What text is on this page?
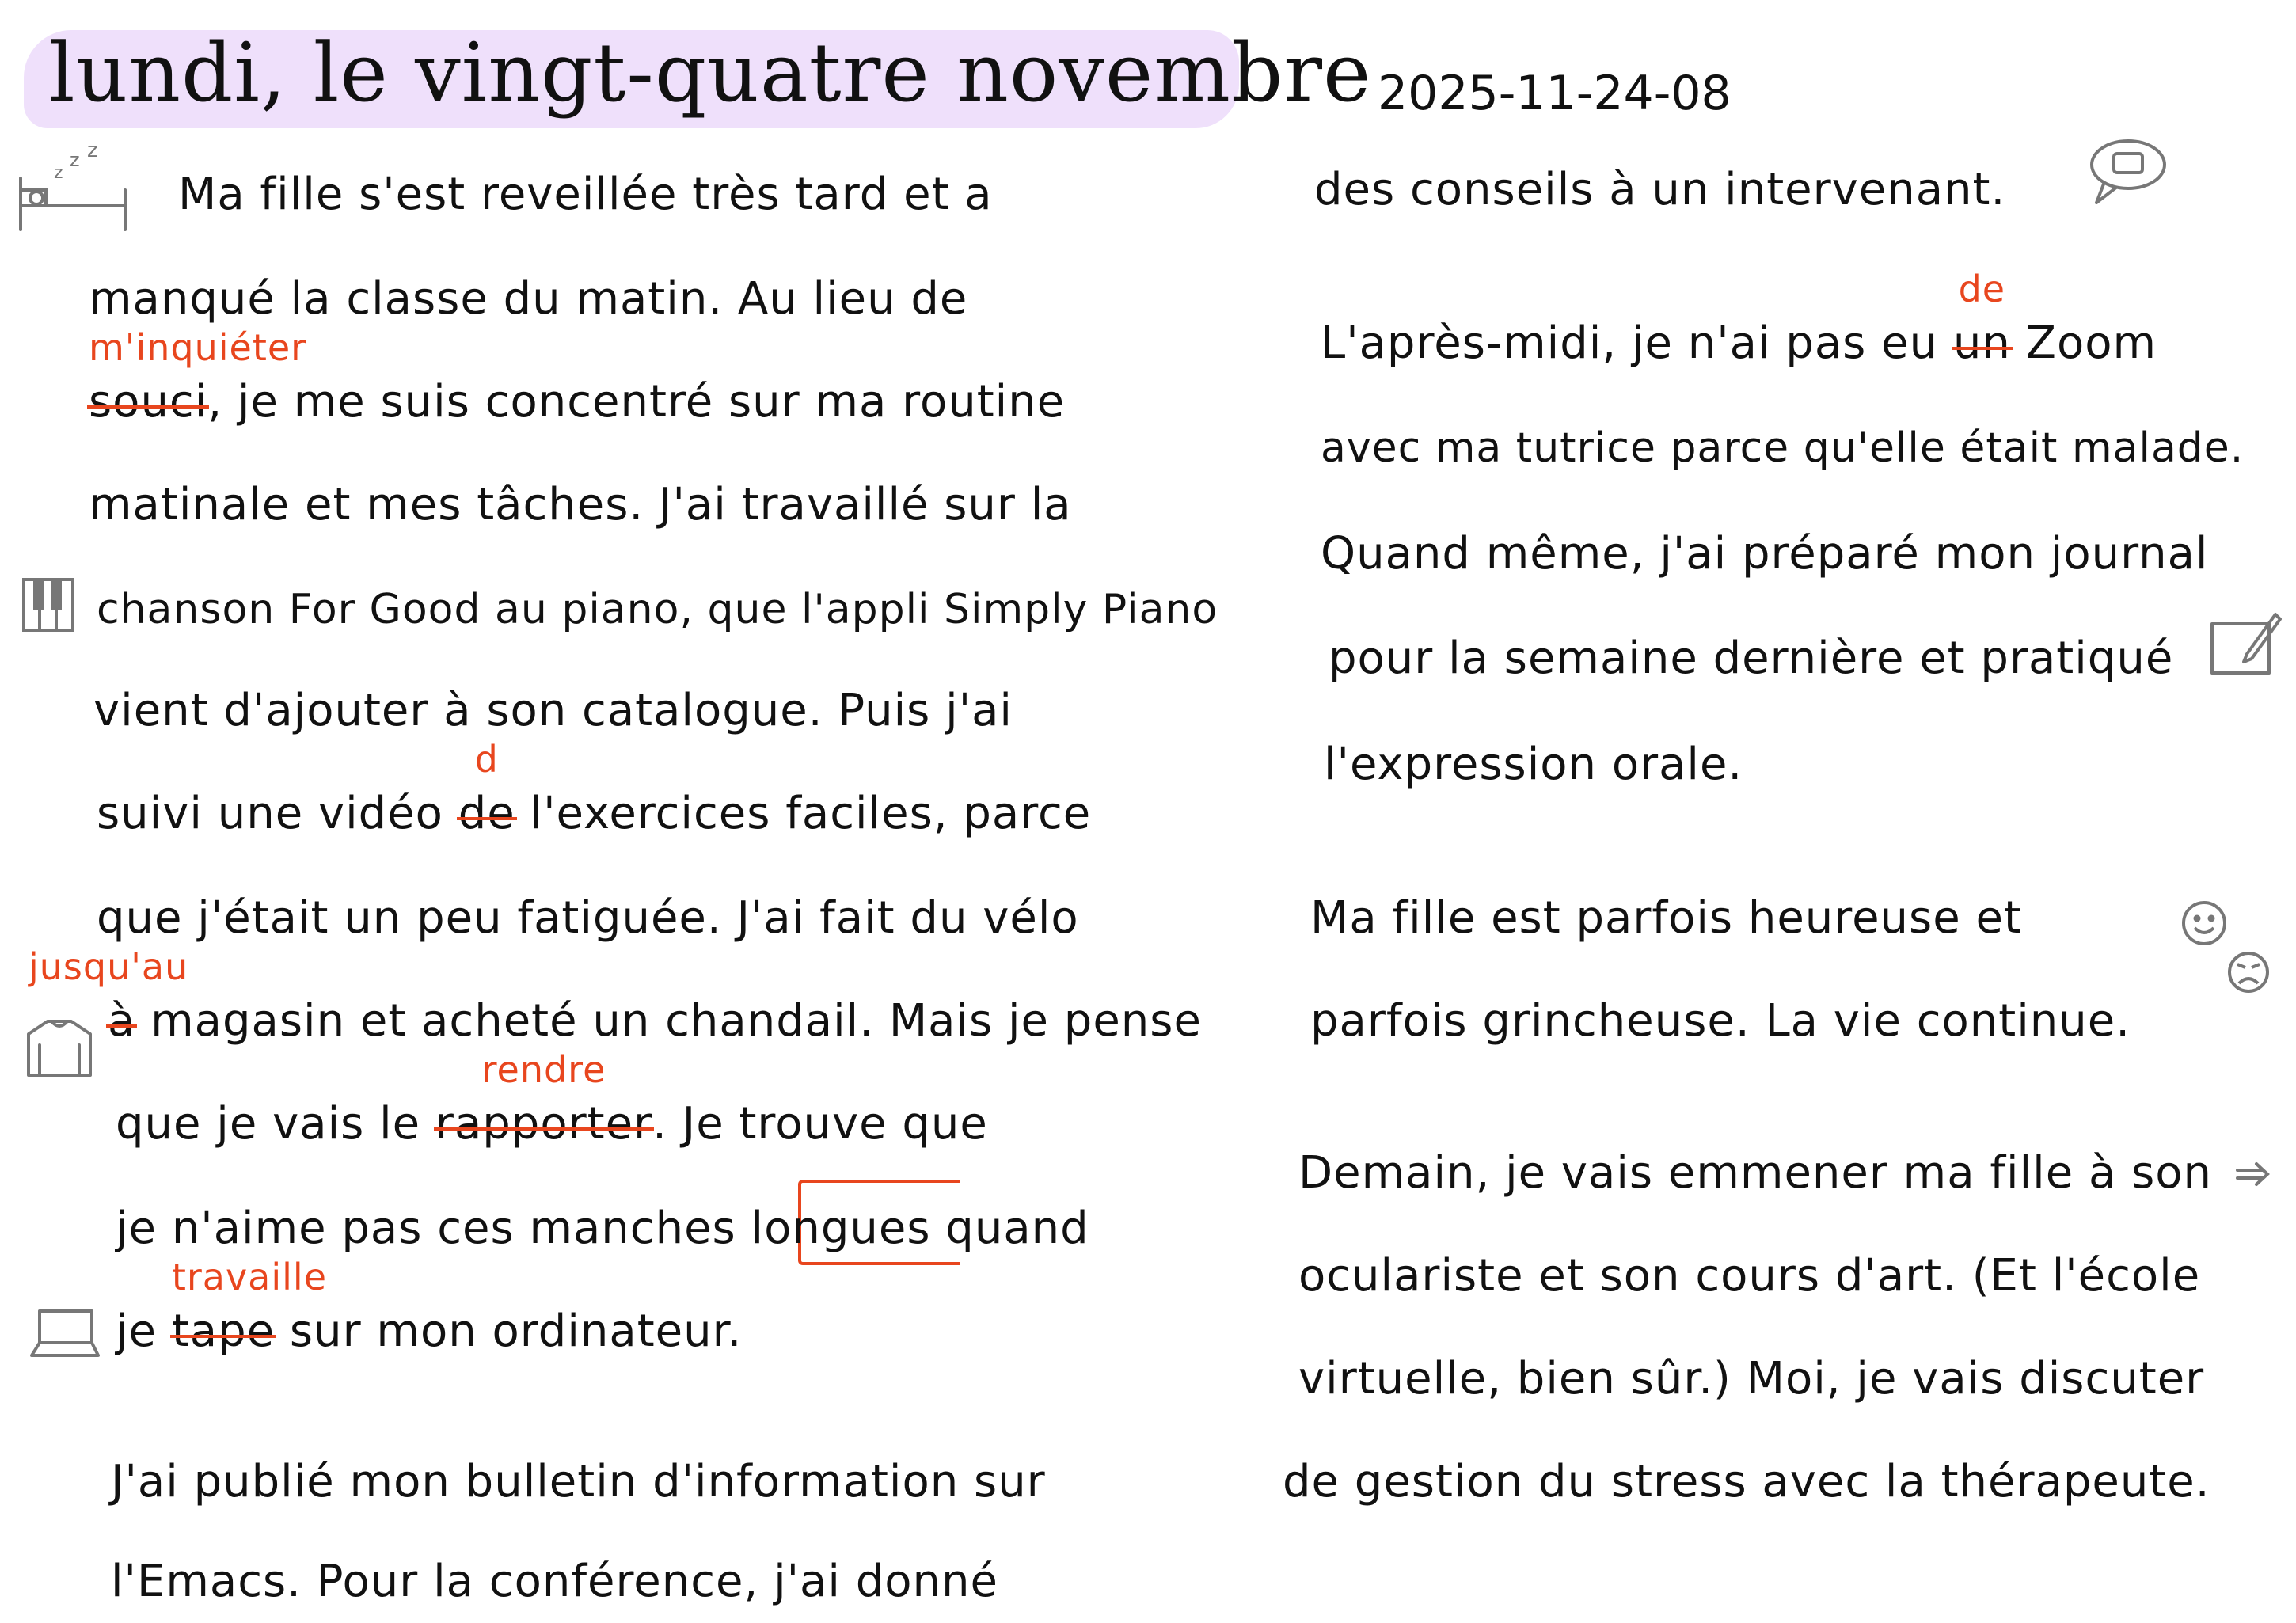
lundi, le vingt-quatre novembre 2025-11-24-08
Ma fille s'est reveillée très tard et a
manqué la classe du matin. Au lieu de
souci
m'inquiéter
, je me suis concentré sur ma routine
matinale et mes tâches. J'ai travaillé sur la
chanson For Good au piano, que l'appli Simply Piano
vient d'ajouter à son catalogue. Puis j'ai
suivi une vidéo de
d
l'exercices faciles, parce
que j'était un peu fatiguée. J'ai fait du vélo
à
jusqu'au
magasin et acheté un chandail. Mais je pense
que je vais le rapporter
rendre
. Je trouve que
je n'aime pas ces manches longues quand
je tape
travaille
sur mon ordinateur.
J'ai publié mon bulletin d'information sur
l'Emacs. Pour la conférence, j'ai donné
des conseils à un intervenant.
L'après-midi, je n'ai pas eu un
de
Zoom
avec ma tutrice parce qu'elle était malade.
Quand même, j'ai préparé mon journal
pour la semaine dernière et pratiqué
l'expression orale.
Ma fille est parfois heureuse et
parfois grincheuse. La vie continue.
Demain, je vais emmener ma fille à son
ocularistе et son cours d'art. (Et l'école
virtuelle, bien sûr.) Moi, je vais discuter
de gestion du stress avec la thérapeute.
z
z z
